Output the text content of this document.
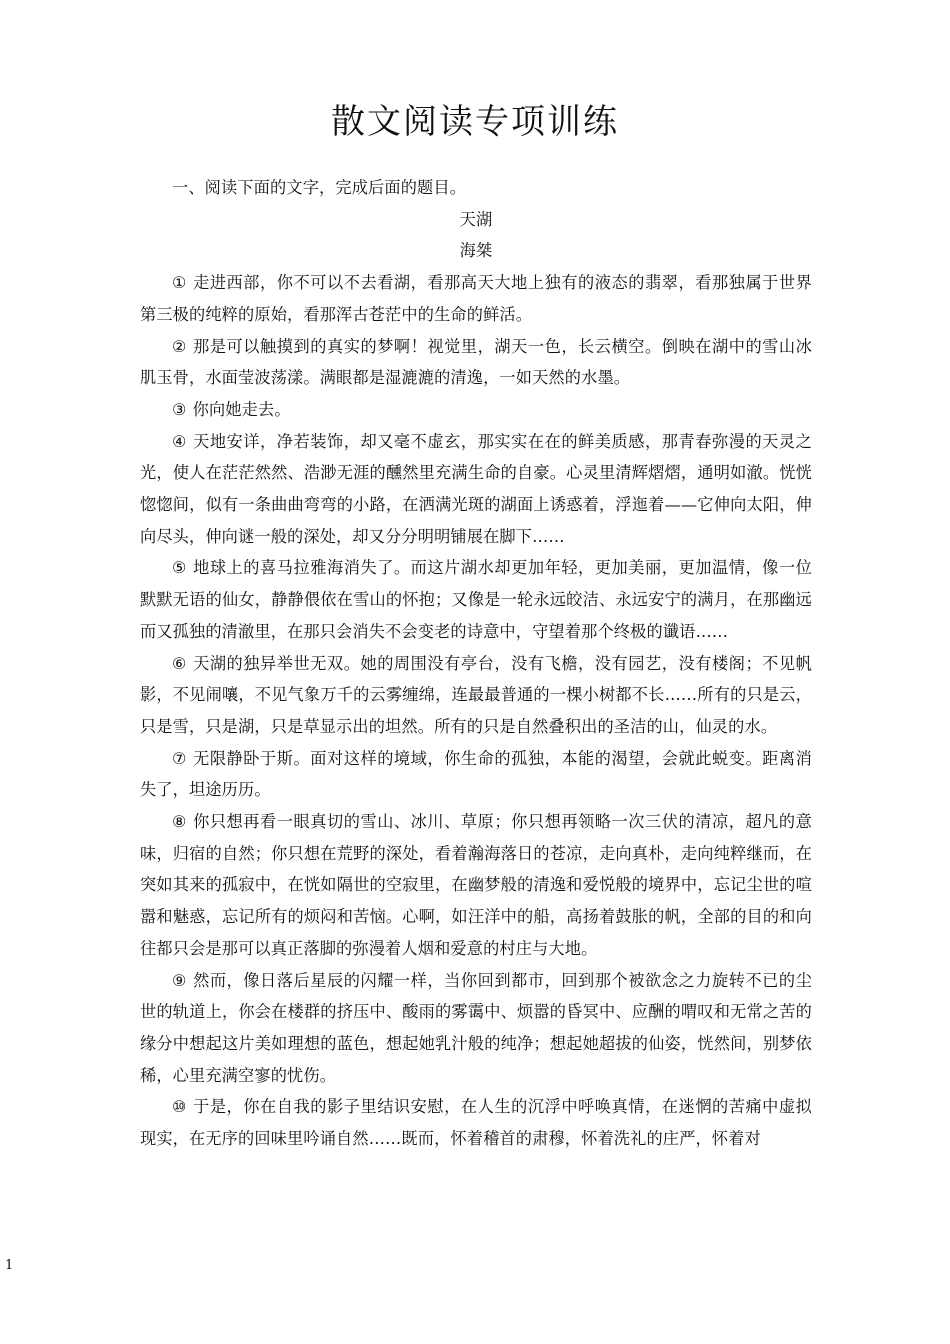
散文阅读专项训练

一、阅读下面的文字，完成后面的题目。

天湖

海桀

① 走进西部，你不可以不去看湖，看那高天大地上独有的液态的翡翠，看那独属于世界第三极的纯粹的原始，看那浑古苍茫中的生命的鲜活。

② 那是可以触摸到的真实的梦啊！视觉里，湖天一色，长云横空。倒映在湖中的雪山冰肌玉骨，水面莹波荡漾。满眼都是湿漉漉的清逸，一如天然的水墨。

③ 你向她走去。

④ 天地安详，净若装饰，却又毫不虚玄，那实实在在的鲜美质感，那青春弥漫的天灵之光，使人在茫茫然然、浩渺无涯的醺然里充满生命的自豪。心灵里清辉熠熠，通明如澈。恍恍惚惚间，似有一条曲曲弯弯的小路，在洒满光斑的湖面上诱惑着，浮迤着——它伸向太阳，伸向尽头，伸向谜一般的深处，却又分分明明铺展在脚下……

⑤ 地球上的喜马拉雅海消失了。而这片湖水却更加年轻，更加美丽，更加温情，像一位默默无语的仙女，静静偎依在雪山的怀抱；又像是一轮永远皎洁、永远安宁的满月，在那幽远而又孤独的清澈里，在那只会消失不会变老的诗意中，守望着那个终极的谶语……

⑥ 天湖的独异举世无双。她的周围没有亭台，没有飞檐，没有园艺，没有楼阁；不见帆影，不见闹嚷，不见气象万千的云雾缠绵，连最最普通的一棵小树都不长……所有的只是云，只是雪，只是湖，只是草显示出的坦然。所有的只是自然叠积出的圣洁的山，仙灵的水。

⑦ 无限静卧于斯。面对这样的境域，你生命的孤独，本能的渴望，会就此蜕变。距离消失了，坦途历历。

⑧ 你只想再看一眼真切的雪山、冰川、草原；你只想再领略一次三伏的清凉，超凡的意味，归宿的自然；你只想在荒野的深处，看着瀚海落日的苍凉，走向真朴，走向纯粹继而，在突如其来的孤寂中，在恍如隔世的空寂里，在幽梦般的清逸和爱悦般的境界中，忘记尘世的喧嚣和魅惑，忘记所有的烦闷和苦恼。心啊，如汪洋中的船，高扬着鼓胀的帆，全部的目的和向往都只会是那可以真正落脚的弥漫着人烟和爱意的村庄与大地。

⑨ 然而，像日落后星辰的闪耀一样，当你回到都市，回到那个被欲念之力旋转不已的尘世的轨道上，你会在楼群的挤压中、酸雨的雾霭中、烦嚣的昏冥中、应酬的喟叹和无常之苦的缘分中想起这片美如理想的蓝色，想起她乳汁般的纯净；想起她超拔的仙姿，恍然间，别梦依稀，心里充满空寥的忧伤。

⑩ 于是，你在自我的影子里结识安慰，在人生的沉浮中呼唤真情，在迷惘的苦痛中虚拟现实，在无序的回味里吟诵自然……既而，怀着稽首的肃穆，怀着洗礼的庄严，怀着对

1
